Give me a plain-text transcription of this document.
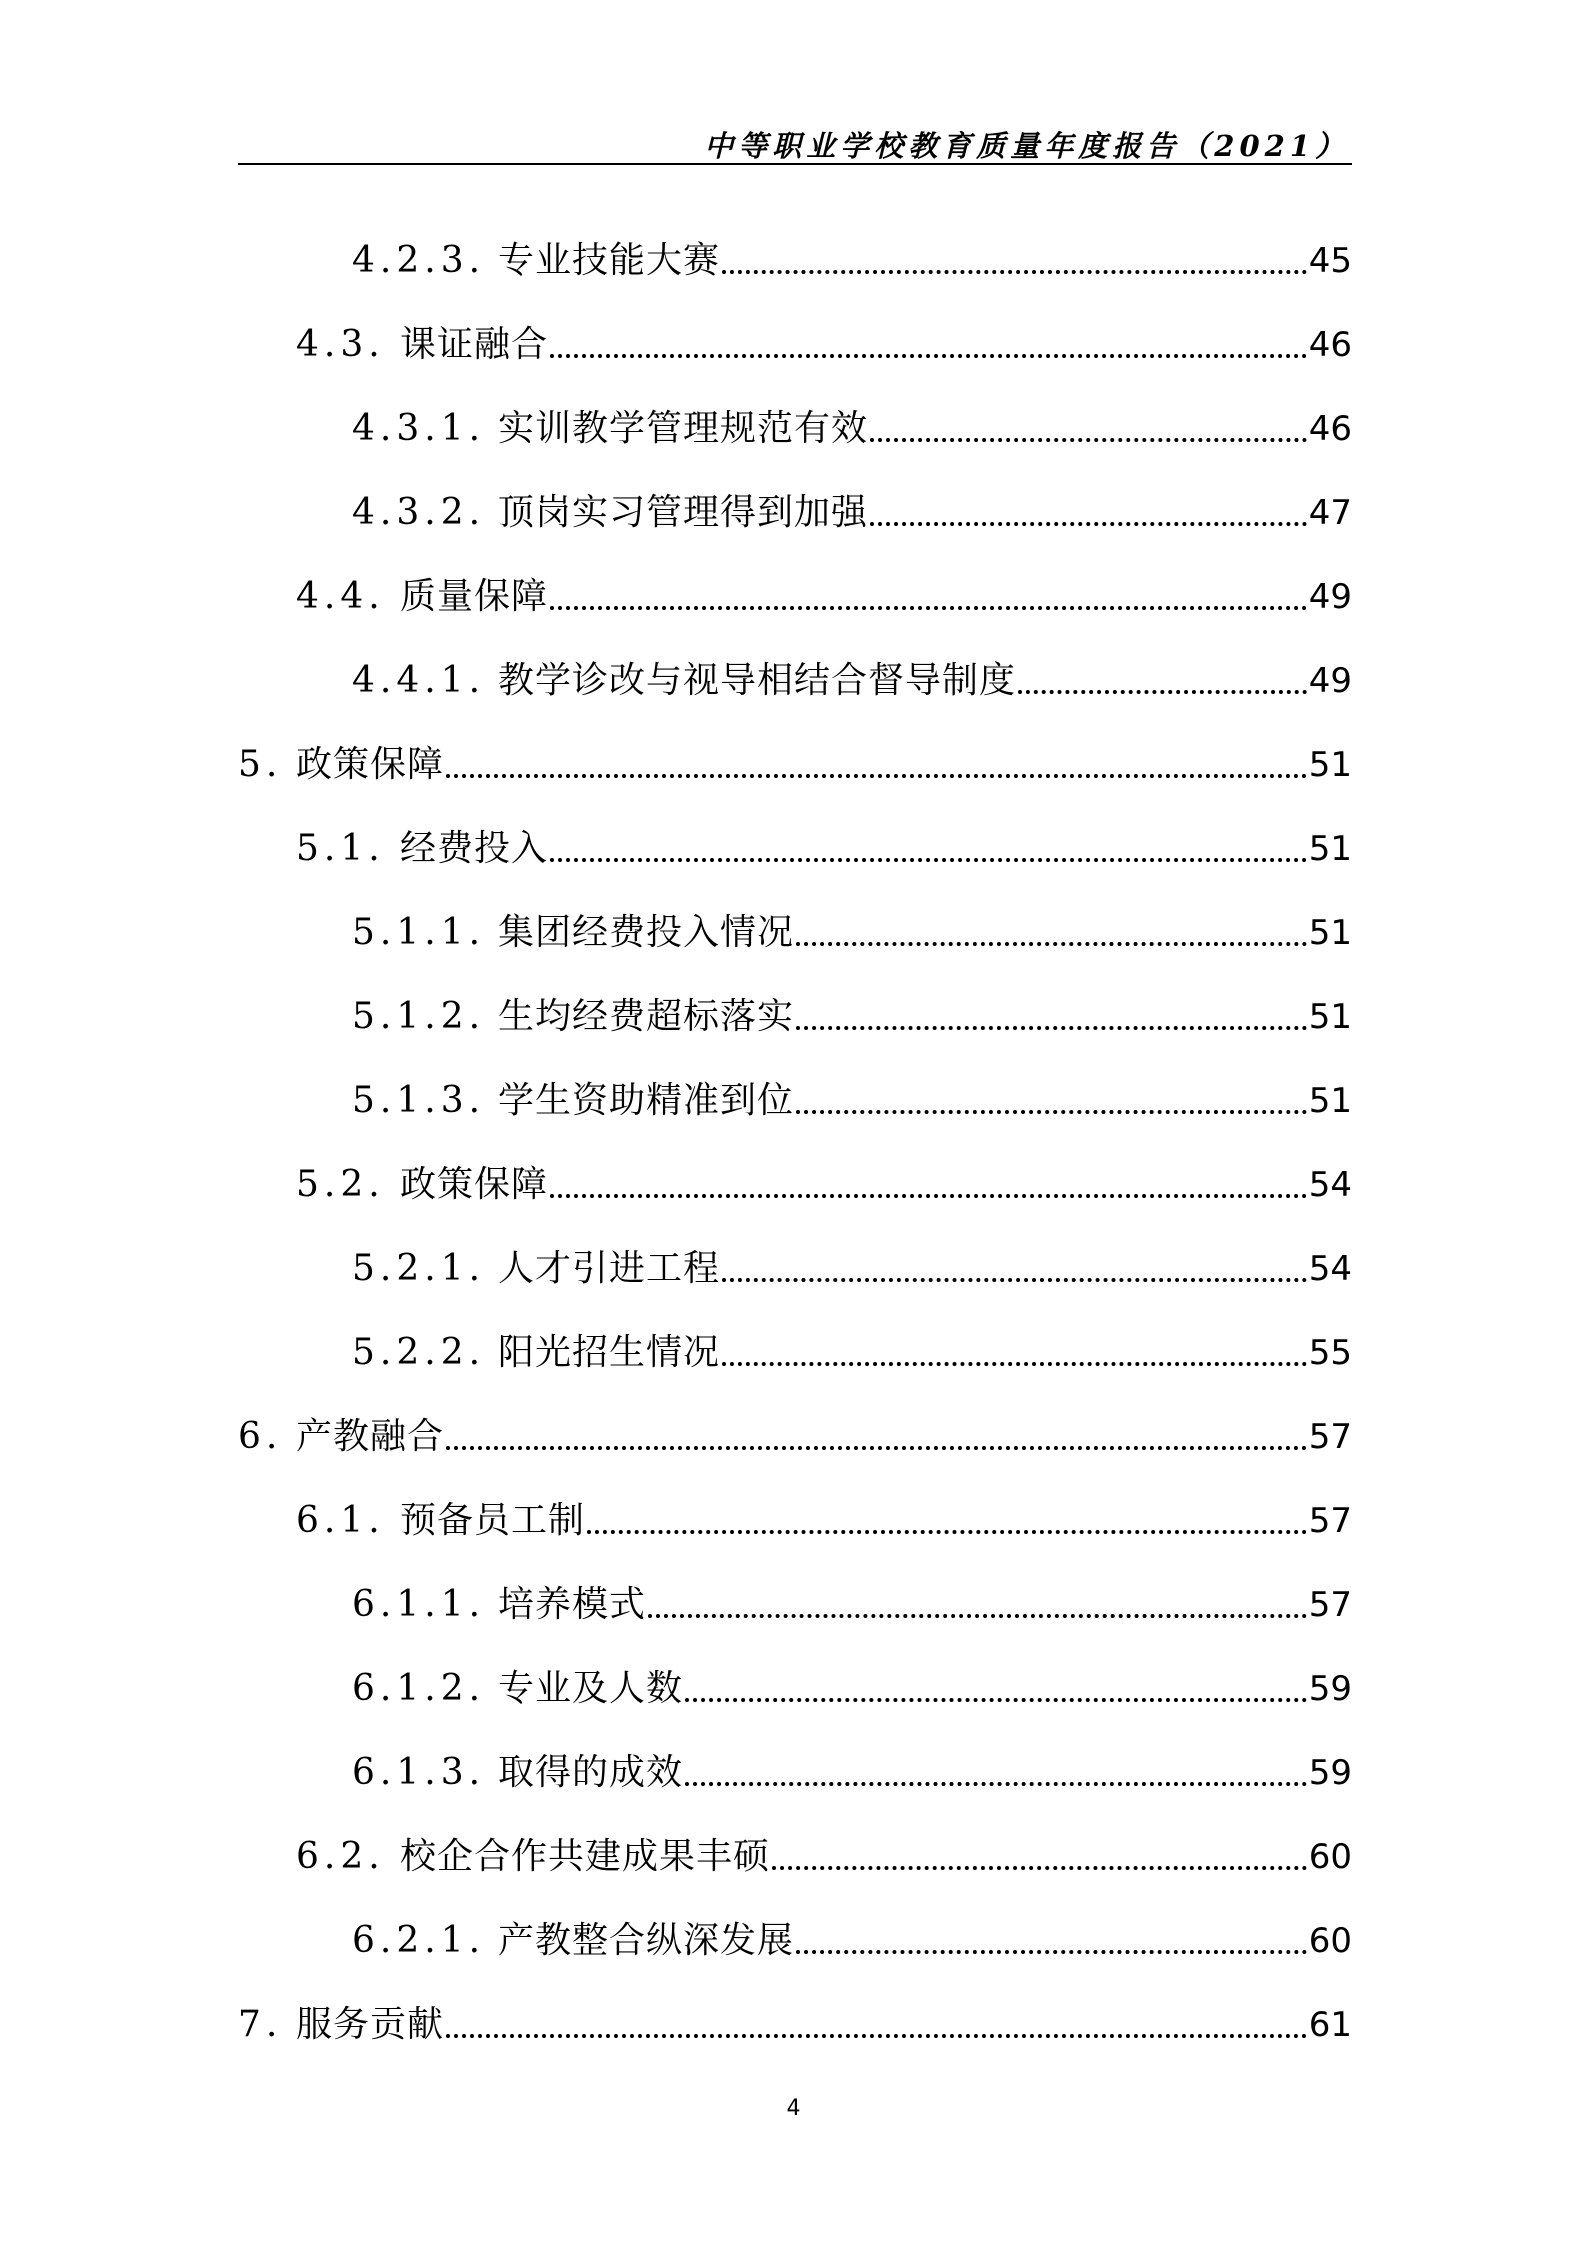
中等职业学校教育质量年度报告（2021）
4.2.3. 专业技能大赛	45
4.3. 课证融合	46
4.3.1. 实训教学管理规范有效	46
4.3.2. 顶岗实习管理得到加强	47
4.4. 质量保障	49
4.4.1. 教学诊改与视导相结合督导制度	49
5. 政策保障	51
5.1. 经费投入	51
5.1.1. 集团经费投入情况	51
5.1.2. 生均经费超标落实	51
5.1.3. 学生资助精准到位	51
5.2. 政策保障	54
5.2.1. 人才引进工程	54
5.2.2. 阳光招生情况	55
6. 产教融合	57
6.1. 预备员工制	57
6.1.1. 培养模式	57
6.1.2. 专业及人数	59
6.1.3. 取得的成效	59
6.2. 校企合作共建成果丰硕	60
6.2.1. 产教整合纵深发展	60
7. 服务贡献	61
4
